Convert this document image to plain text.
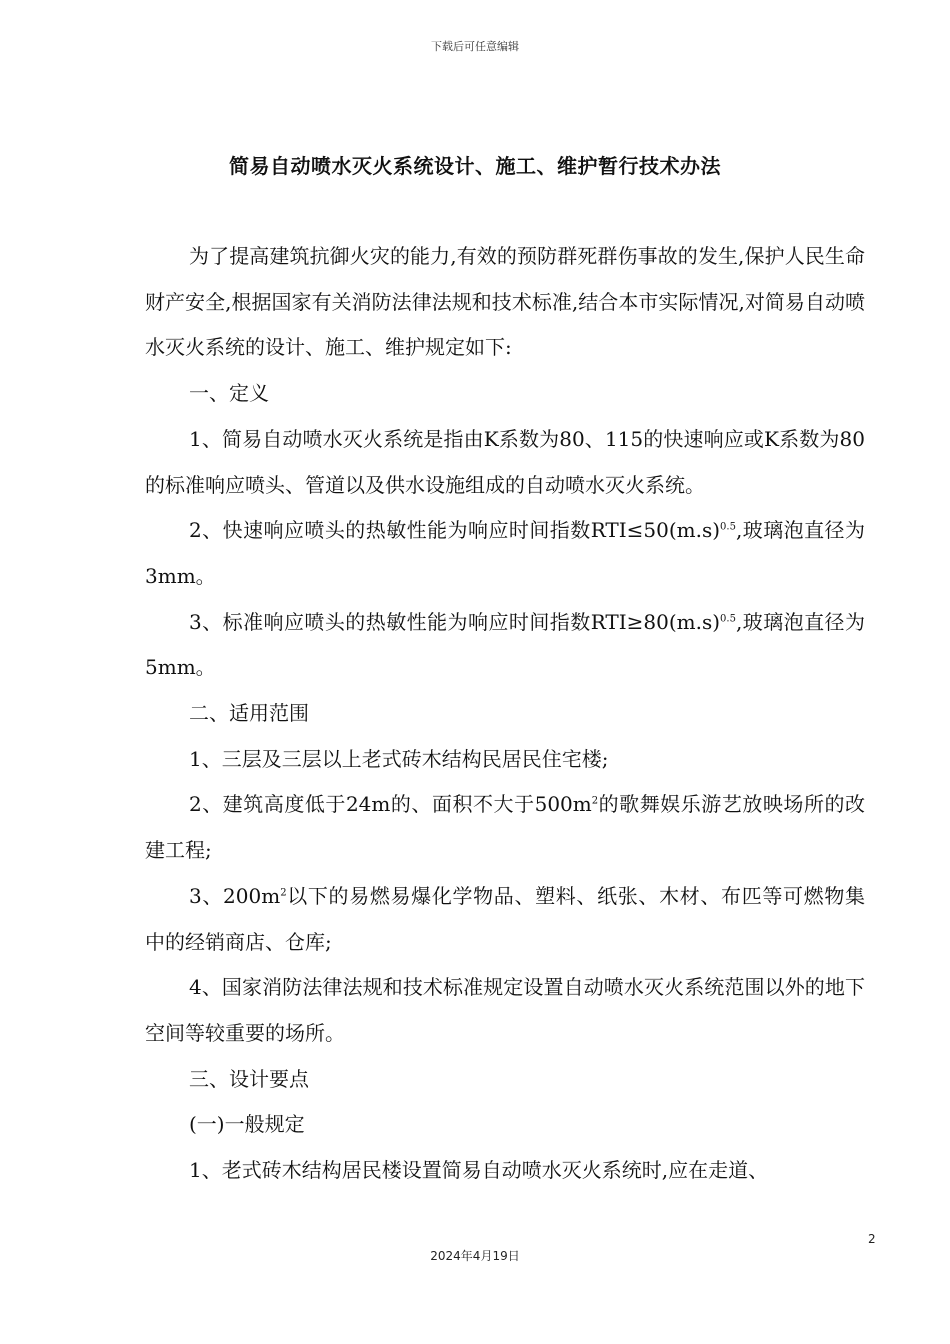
下载后可任意编辑
简易自动喷水灭火系统设计、施工、维护暂行技术办法

为了提高建筑抗御火灾的能力,有效的预防群死群伤事故的发生,保护人民生命财产安全,根据国家有关消防法律法规和技术标准,结合本市实际情况,对简易自动喷水灭火系统的设计、施工、维护规定如下:

一、定义

1、简易自动喷水灭火系统是指由K系数为80、115的快速响应或K系数为80的标准响应喷头、管道以及供水设施组成的自动喷水灭火系统。

2、快速响应喷头的热敏性能为响应时间指数$RTI\le 50(m.s)^{0.5}$,玻璃泡直径为3mm。

3、标准响应喷头的热敏性能为响应时间指数$RTI\ge 80(m.s)^{0.5}$,玻璃泡直径为5mm。

二、适用范围

1、三层及三层以上老式砖木结构民居民住宅楼;

2、建筑高度低于24m的、面积不大于$500m^2$的歌舞娱乐游艺放映场所的改建工程;

3、$200m^2$以下的易燃易爆化学物品、塑料、纸张、木材、布匹等可燃物集中的经销商店、仓库;

4、国家消防法律法规和技术标准规定设置自动喷水灭火系统范围以外的地下空间等较重要的场所。

三、设计要点

(一)一般规定

1、老式砖木结构居民楼设置简易自动喷水灭火系统时,应在走道、

2
2024年4月19日
